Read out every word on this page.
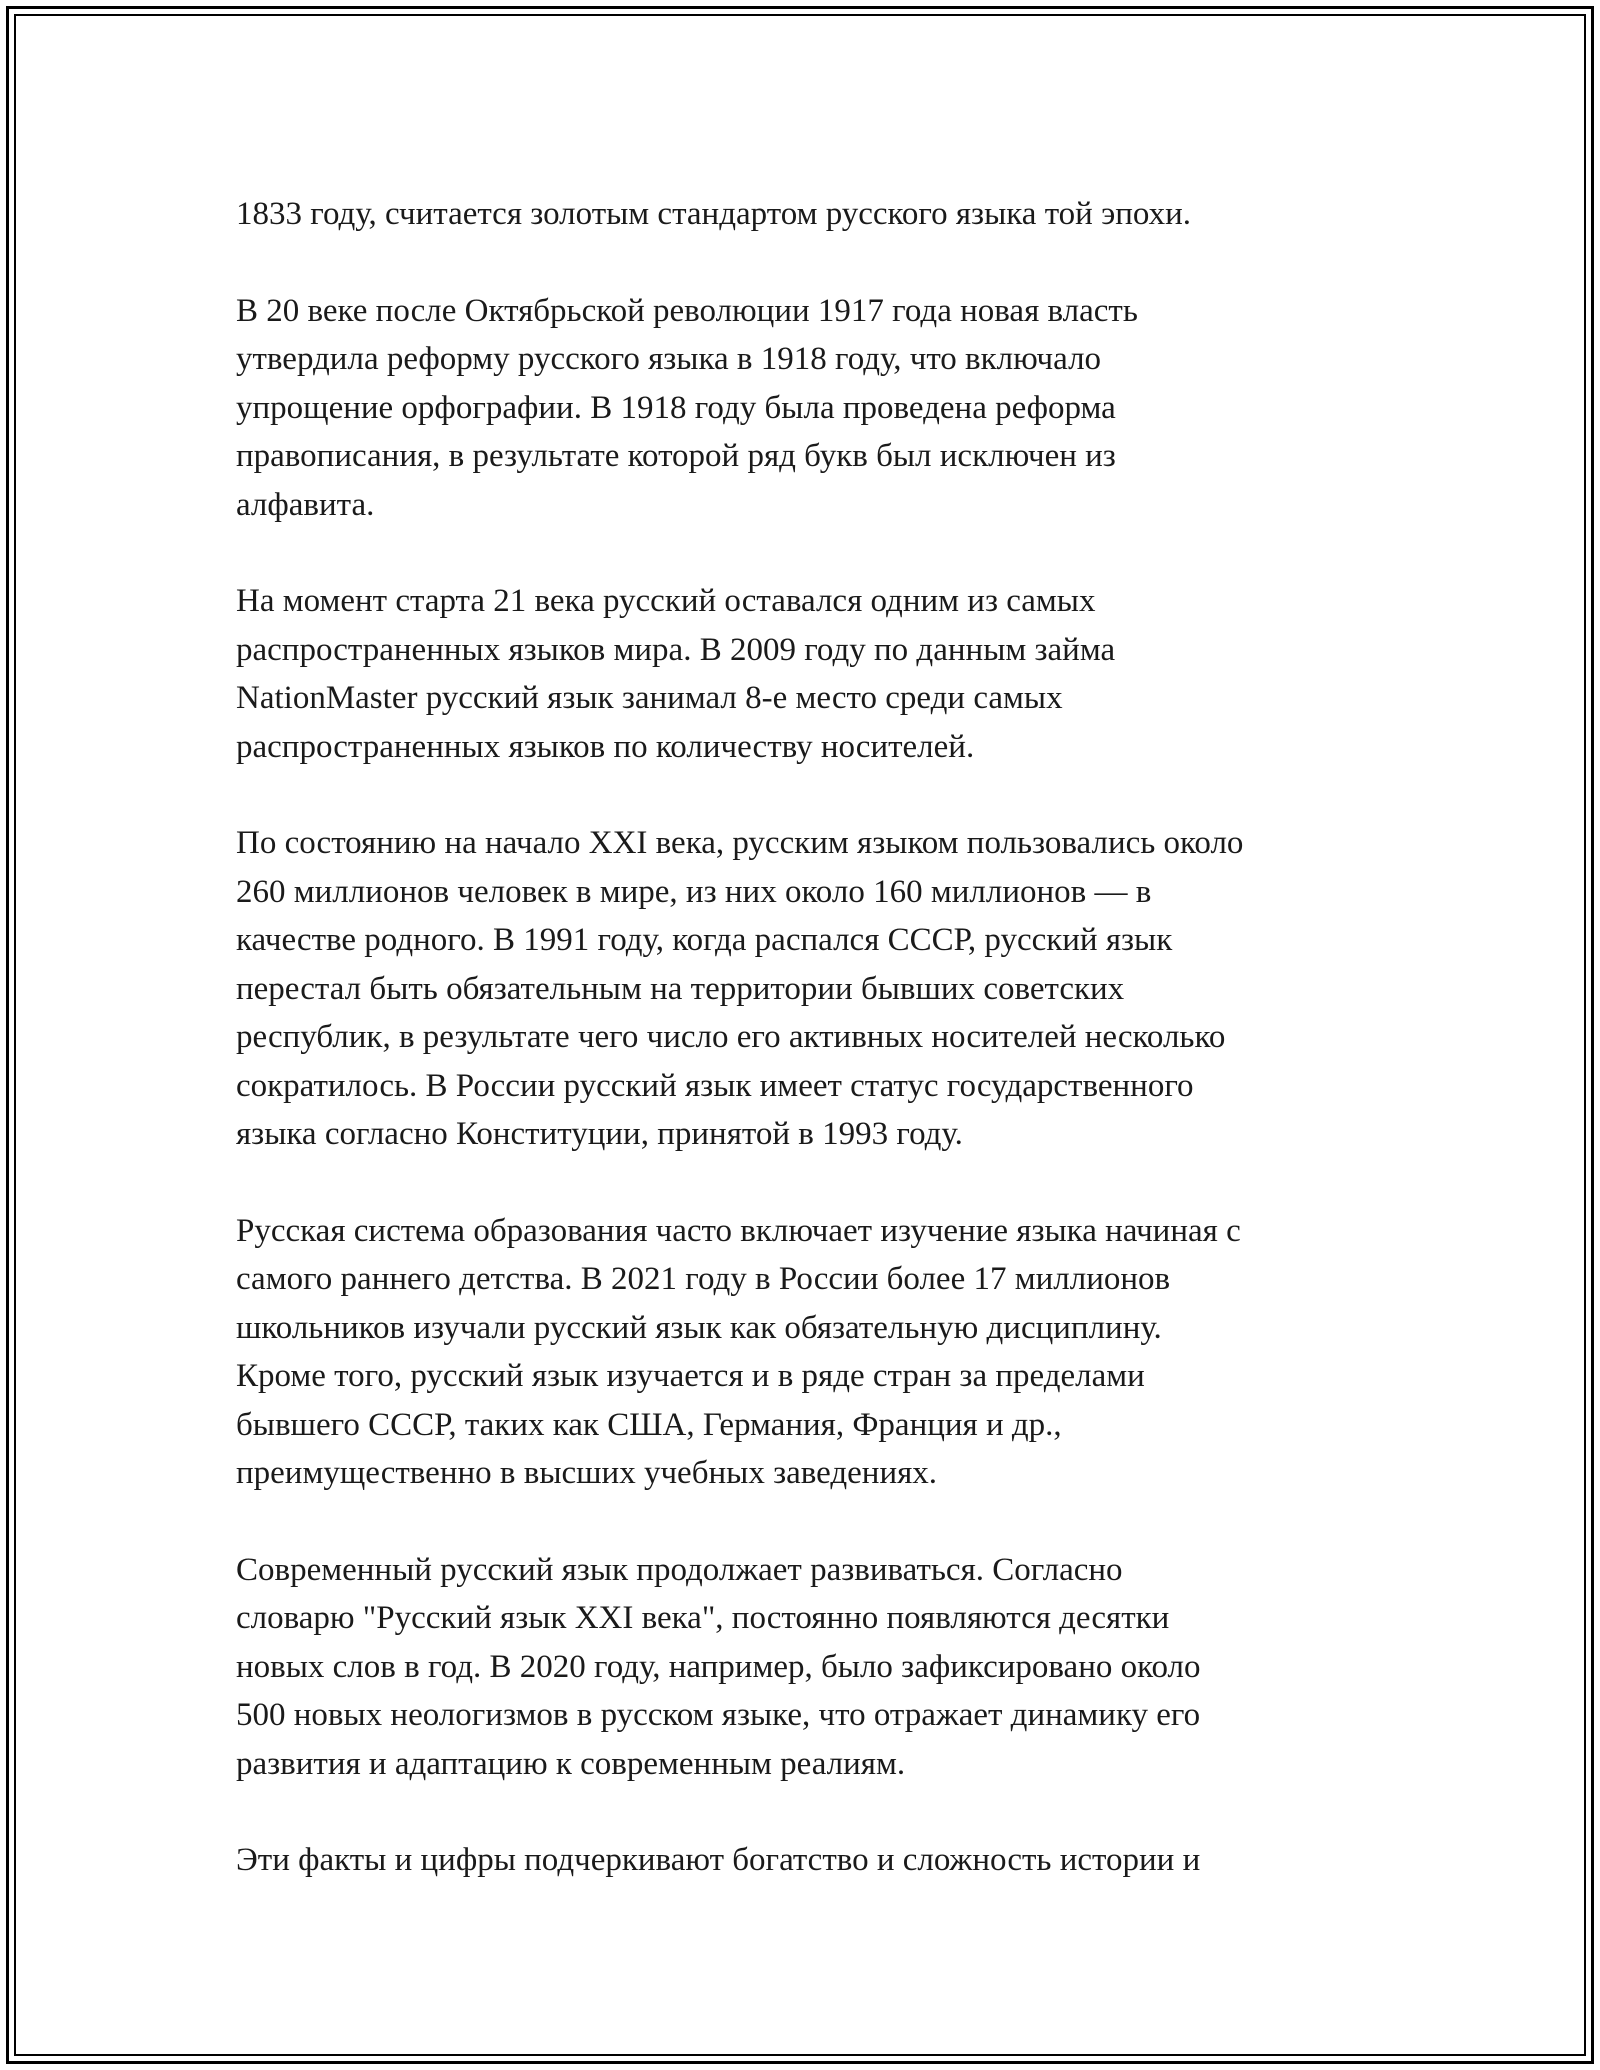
1833 году, считается золотым стандартом русского языка той эпохи.

В 20 веке после Октябрьской революции 1917 года новая власть
утвердила реформу русского языка в 1918 году, что включало
упрощение орфографии. В 1918 году была проведена реформа
правописания, в результате которой ряд букв был исключен из
алфавита.

На момент старта 21 века русский оставался одним из самых
распространенных языков мира. В 2009 году по данным займа
NationMaster русский язык занимал 8-е место среди самых
распространенных языков по количеству носителей.

По состоянию на начало XXI века, русским языком пользовались около
260 миллионов человек в мире, из них около 160 миллионов — в
качестве родного. В 1991 году, когда распался СССР, русский язык
перестал быть обязательным на территории бывших советских
республик, в результате чего число его активных носителей несколько
сократилось. В России русский язык имеет статус государственного
языка согласно Конституции, принятой в 1993 году.

Русская система образования часто включает изучение языка начиная с
самого раннего детства. В 2021 году в России более 17 миллионов
школьников изучали русский язык как обязательную дисциплину.
Кроме того, русский язык изучается и в ряде стран за пределами
бывшего СССР, таких как США, Германия, Франция и др.,
преимущественно в высших учебных заведениях.

Современный русский язык продолжает развиваться. Согласно
словарю "Русский язык XXI века", постоянно появляются десятки
новых слов в год. В 2020 году, например, было зафиксировано около
500 новых неологизмов в русском языке, что отражает динамику его
развития и адаптацию к современным реалиям.

Эти факты и цифры подчеркивают богатство и сложность истории и
